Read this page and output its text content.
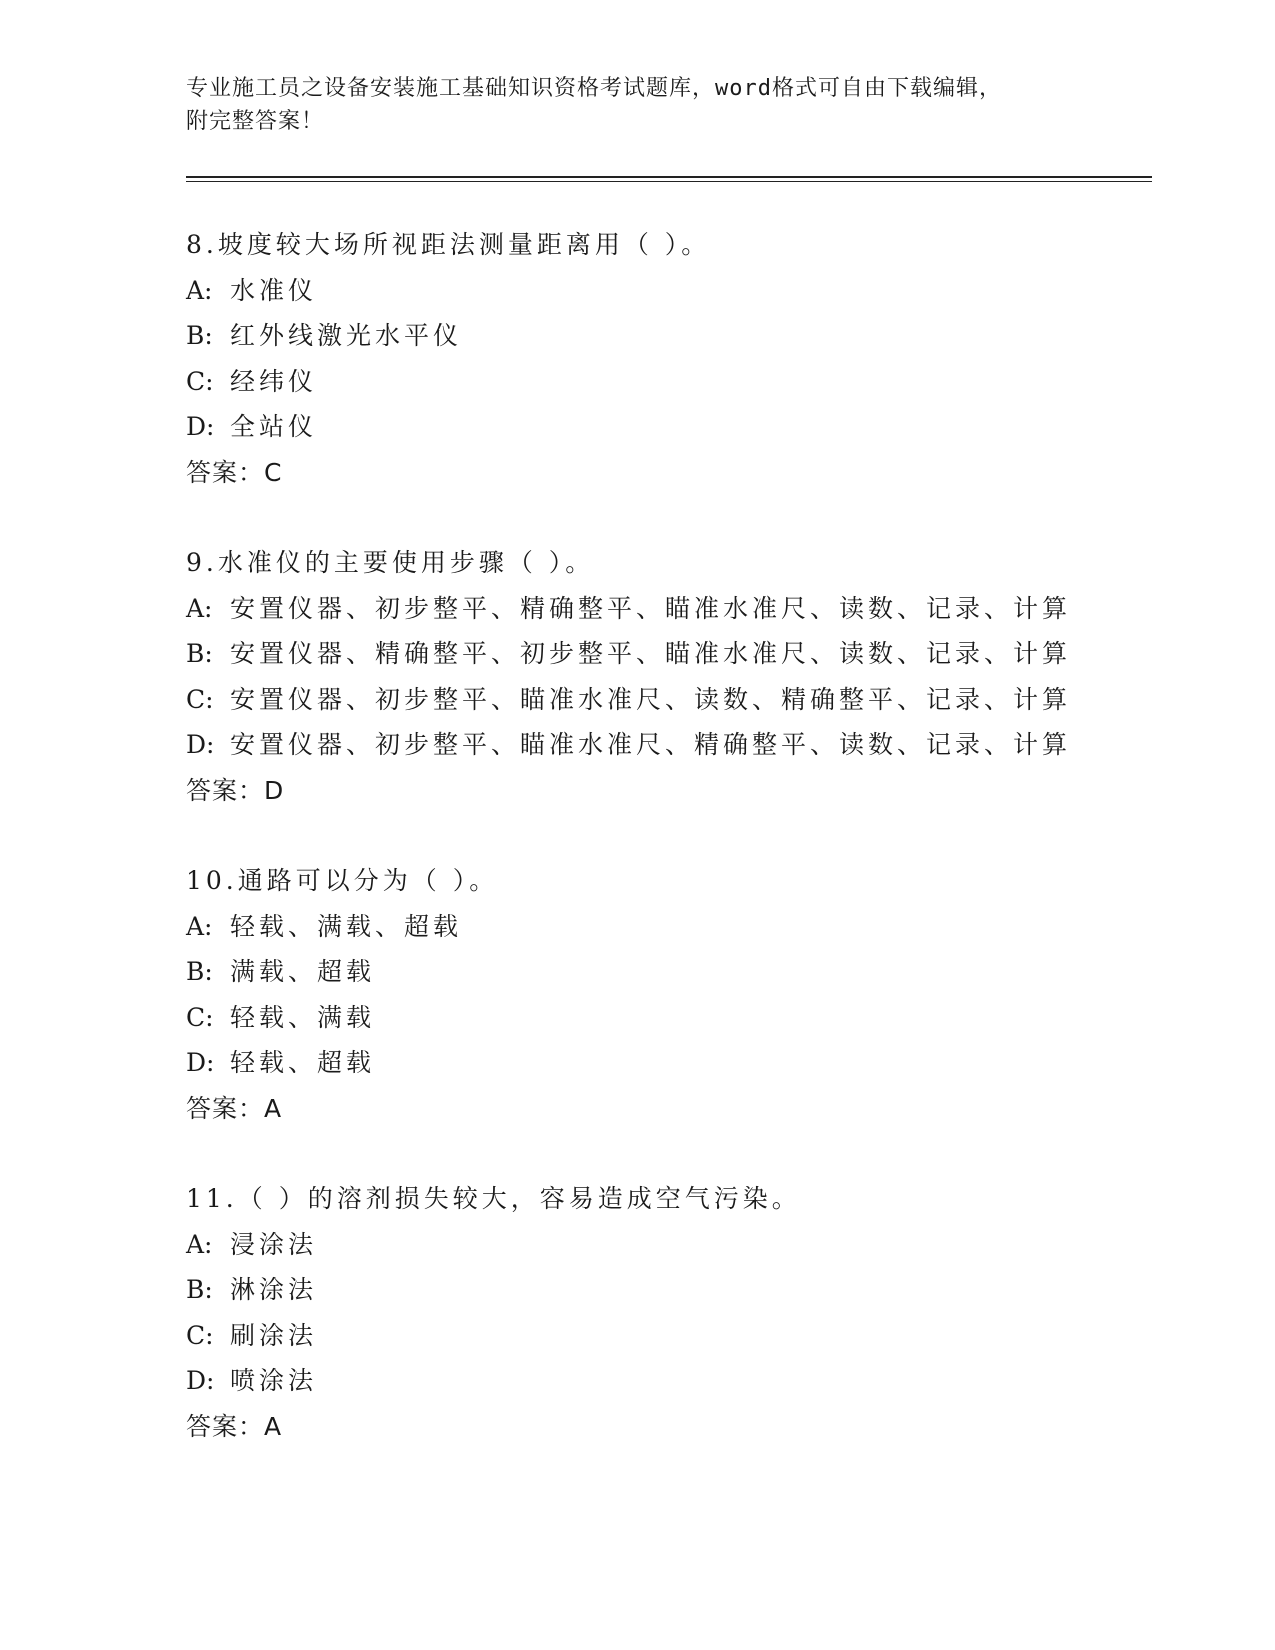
专业施工员之设备安装施工基础知识资格考试题库，word格式可自由下载编辑，
附完整答案！
8.坡度较大场所视距法测量距离用（ ）。
A: 水准仪
B: 红外线激光水平仪
C: 经纬仪
D: 全站仪
答案：C
9.水准仪的主要使用步骤（ ）。
A: 安置仪器、初步整平、精确整平、瞄准水准尺、读数、记录、计算
B: 安置仪器、精确整平、初步整平、瞄准水准尺、读数、记录、计算
C: 安置仪器、初步整平、瞄准水准尺、读数、精确整平、记录、计算
D: 安置仪器、初步整平、瞄准水准尺、精确整平、读数、记录、计算
答案：D
10.通路可以分为（ ）。
A: 轻载、满载、超载
B: 满载、超载
C: 轻载、满载
D: 轻载、超载
答案：A
11.（ ）的溶剂损失较大，容易造成空气污染。
A: 浸涂法
B: 淋涂法
C: 刷涂法
D: 喷涂法
答案：A
